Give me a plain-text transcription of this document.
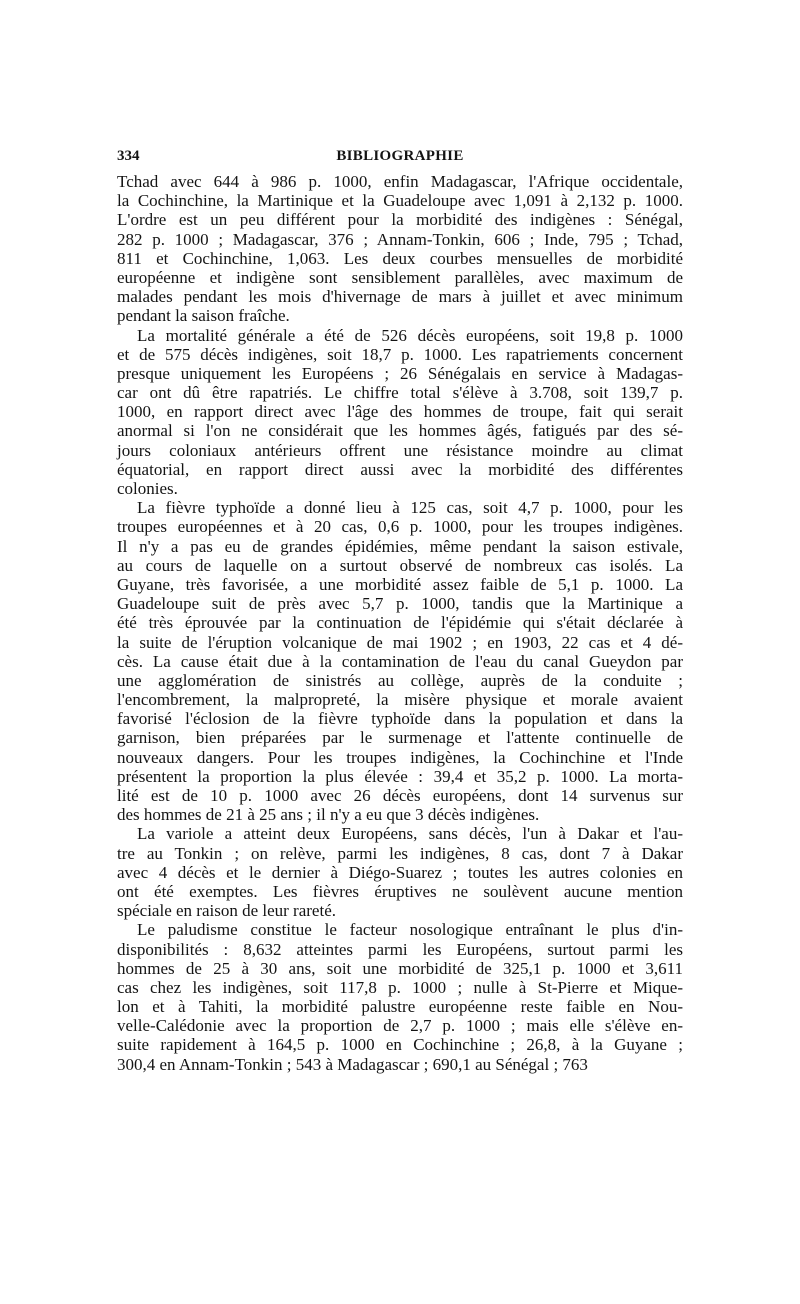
334	BIBLIOGRAPHIE
Tchad avec 644 à 986 p. 1000, enfin Madagascar, l'Afrique occidentale,
la Cochinchine, la Martinique et la Guadeloupe avec 1,091 à 2,132 p. 1000.
L'ordre est un peu différent pour la morbidité des indigènes : Sénégal,
282 p. 1000 ; Madagascar, 376 ; Annam-Tonkin, 606 ; Inde, 795 ; Tchad,
811 et Cochinchine, 1,063. Les deux courbes mensuelles de morbidité
européenne et indigène sont sensiblement parallèles, avec maximum de
malades pendant les mois d'hivernage de mars à juillet et avec minimum
pendant la saison fraîche.
La mortalité générale a été de 526 décès européens, soit 19,8 p. 1000
et de 575 décès indigènes, soit 18,7 p. 1000. Les rapatriements concernent
presque uniquement les Européens ; 26 Sénégalais en service à Madagas-
car ont dû être rapatriés. Le chiffre total s'élève à 3.708, soit 139,7 p.
1000, en rapport direct avec l'âge des hommes de troupe, fait qui serait
anormal si l'on ne considérait que les hommes âgés, fatigués par des sé-
jours coloniaux antérieurs offrent une résistance moindre au climat
équatorial, en rapport direct aussi avec la morbidité des différentes
colonies.
La fièvre typhoïde a donné lieu à 125 cas, soit 4,7 p. 1000, pour les
troupes européennes et à 20 cas, 0,6 p. 1000, pour les troupes indigènes.
Il n'y a pas eu de grandes épidémies, même pendant la saison estivale,
au cours de laquelle on a surtout observé de nombreux cas isolés. La
Guyane, très favorisée, a une morbidité assez faible de 5,1 p. 1000. La
Guadeloupe suit de près avec 5,7 p. 1000, tandis que la Martinique a
été très éprouvée par la continuation de l'épidémie qui s'était déclarée à
la suite de l'éruption volcanique de mai 1902 ; en 1903, 22 cas et 4 dé-
cès. La cause était due à la contamination de l'eau du canal Gueydon par
une agglomération de sinistrés au collège, auprès de la conduite ;
l'encombrement, la malpropreté, la misère physique et morale avaient
favorisé l'éclosion de la fièvre typhoïde dans la population et dans la
garnison, bien préparées par le surmenage et l'attente continuelle de
nouveaux dangers. Pour les troupes indigènes, la Cochinchine et l'Inde
présentent la proportion la plus élevée : 39,4 et 35,2 p. 1000. La morta-
lité est de 10 p. 1000 avec 26 décès européens, dont 14 survenus sur
des hommes de 21 à 25 ans ; il n'y a eu que 3 décès indigènes.
La variole a atteint deux Européens, sans décès, l'un à Dakar et l'au-
tre au Tonkin ; on relève, parmi les indigènes, 8 cas, dont 7 à Dakar
avec 4 décès et le dernier à Diégo-Suarez ; toutes les autres colonies en
ont été exemptes. Les fièvres éruptives ne soulèvent aucune mention
spéciale en raison de leur rareté.
Le paludisme constitue le facteur nosologique entraînant le plus d'in-
disponibilités : 8,632 atteintes parmi les Européens, surtout parmi les
hommes de 25 à 30 ans, soit une morbidité de 325,1 p. 1000 et 3,611
cas chez les indigènes, soit 117,8 p. 1000 ; nulle à St-Pierre et Mique-
lon et à Tahiti, la morbidité palustre européenne reste faible en Nou-
velle-Calédonie avec la proportion de 2,7 p. 1000 ; mais elle s'élève en-
suite rapidement à 164,5 p. 1000 en Cochinchine ; 26,8, à la Guyane ;
300,4 en Annam-Tonkin ; 543 à Madagascar ; 690,1 au Sénégal ; 763
